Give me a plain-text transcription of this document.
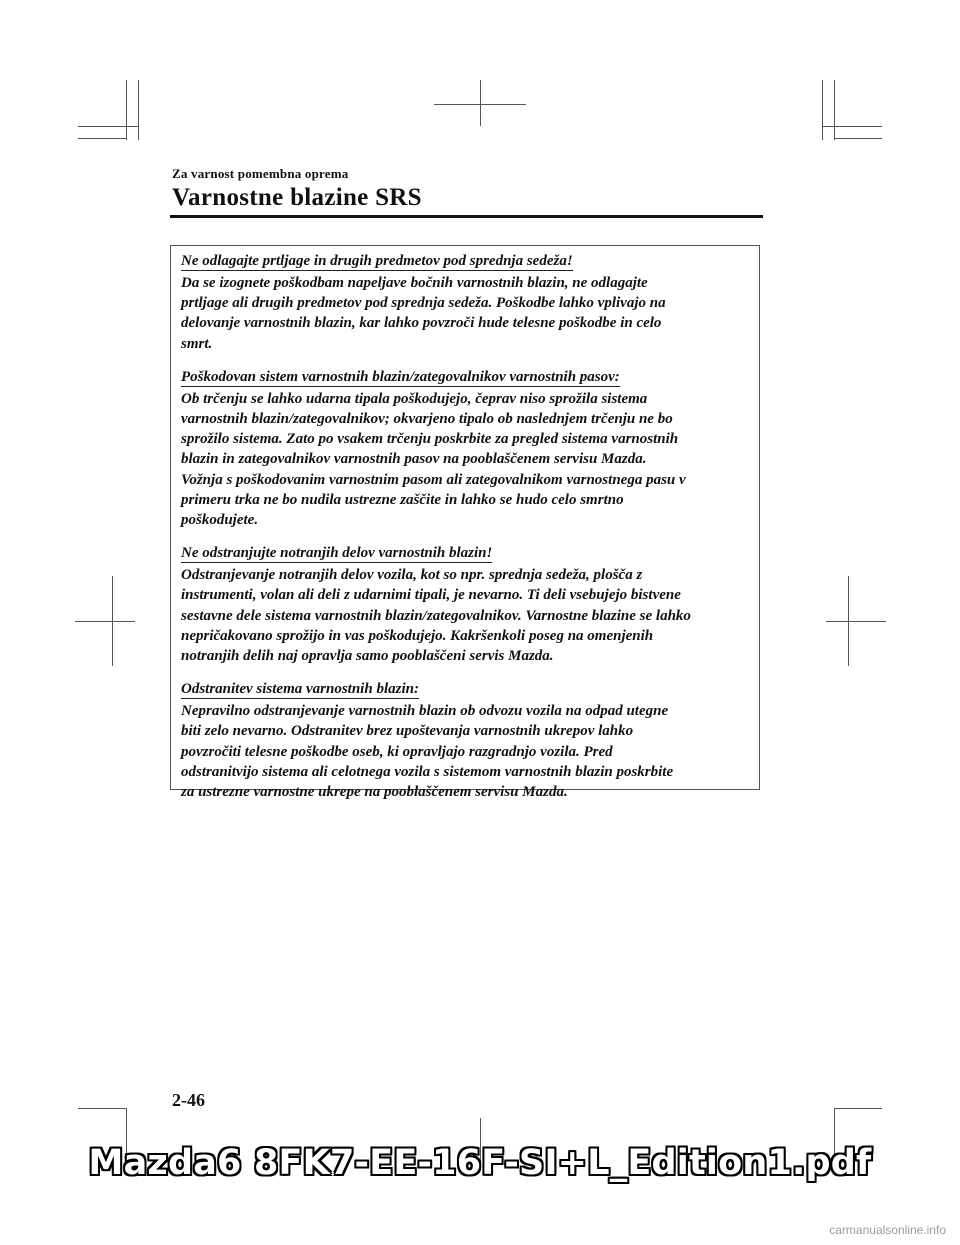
Za varnost pomembna oprema
Varnostne blazine SRS
Ne odlagajte prtljage in drugih predmetov pod sprednja sedeža!

Da se izognete poškodbam napeljave bočnih varnostnih blazin, ne odlagajte
prtljage ali drugih predmetov pod sprednja sedeža. Poškodbe lahko vplivajo na
delovanje varnostnih blazin, kar lahko povzroči hude telesne poškodbe in celo
smrt.

Poškodovan sistem varnostnih blazin/zategovalnikov varnostnih pasov:

Ob trčenju se lahko udarna tipala poškodujejo, čeprav niso sprožila sistema
varnostnih blazin/zategovalnikov; okvarjeno tipalo ob naslednjem trčenju ne bo
sprožilo sistema. Zato po vsakem trčenju poskrbite za pregled sistema varnostnih
blazin in zategovalnikov varnostnih pasov na pooblaščenem servisu Mazda.
Vožnja s poškodovanim varnostnim pasom ali zategovalnikom varnostnega pasu v
primeru trka ne bo nudila ustrezne zaščite in lahko se hudo celo smrtno
poškodujete.

Ne odstranjujte notranjih delov varnostnih blazin!

Odstranjevanje notranjih delov vozila, kot so npr. sprednja sedeža, plošča z
instrumenti, volan ali deli z udarnimi tipali, je nevarno. Ti deli vsebujejo bistvene
sestavne dele sistema varnostnih blazin/zategovalnikov. Varnostne blazine se lahko
nepričakovano sprožijo in vas poškodujejo. Kakršenkoli poseg na omenjenih
notranjih delih naj opravlja samo pooblaščeni servis Mazda.

Odstranitev sistema varnostnih blazin:

Nepravilno odstranjevanje varnostnih blazin ob odvozu vozila na odpad utegne
biti zelo nevarno. Odstranitev brez upoštevanja varnostnih ukrepov lahko
povzročiti telesne poškodbe oseb, ki opravljajo razgradnjo vozila. Pred
odstranitvijo sistema ali celotnega vozila s sistemom varnostnih blazin poskrbite
za ustrezne varnostne ukrepe na pooblaščenem servisu Mazda.

2-46
Mazda6 8FK7-EE-16F-SI+L_Edition1.pdf
carmanualsonline.info
